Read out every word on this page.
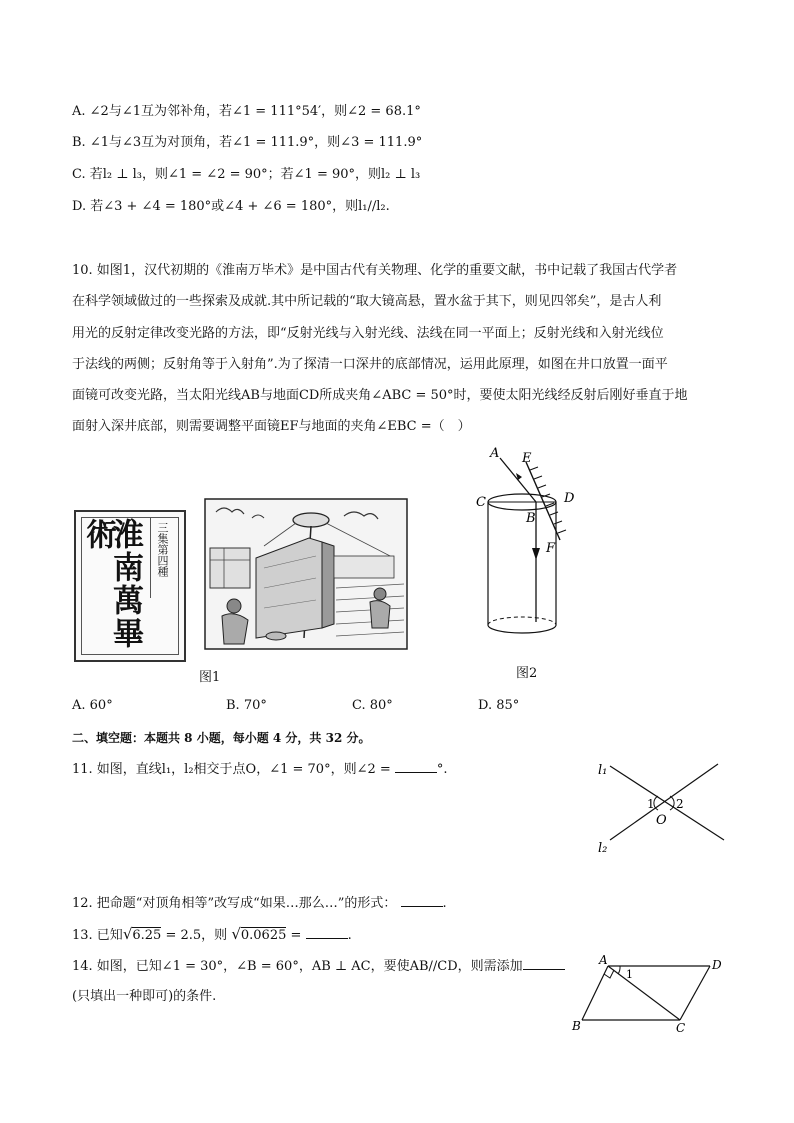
A. ∠2与∠1互为邻补角，若∠1 = 111°54′，则∠2 = 68.1°
B. ∠1与∠3互为对顶角，若∠1 = 111.9°，则∠3 = 111.9°
C. 若l₂ ⊥ l₃，则∠1 = ∠2 = 90°；若∠1 = 90°，则l₂ ⊥ l₃
D. 若∠3 + ∠4 = 180°或∠4 + ∠6 = 180°，则l₁//l₂.
10. 如图1，汉代初期的《淮南万毕术》是中国古代有关物理、化学的重要文献，书中记载了我国古代学者
在科学领域做过的一些探索及成就.其中所记载的“取大镜高悬，置水盆于其下，则见四邻矣”，是古人利
用光的反射定律改变光路的方法，即“反射光线与入射光线、法线在同一平面上；反射光线和入射光线位
于法线的两侧；反射角等于入射角”.为了探清一口深井的底部情况，运用此原理，如图在井口放置一面平
面镜可改变光路，当太阳光线AB与地面CD所成夹角∠ABC = 50°时，要使太阳光线经反射后刚好垂直于地
面射入深井底部，则需要调整平面镜EF与地面的夹角∠EBC =（　）
淮南萬畢術	三集第四種
图1
A E
C	D
B
F
图2
A. 60°	B. 70°	C. 80°	D. 85°
二、填空题：本题共 8 小题，每小题 4 分，共 32 分。
11. 如图，直线l₁，l₂相交于点O，∠1 = 70°，则∠2 =	°.	l₁
l₂
1 2
O
12. 把命题“对顶角相等”改写成“如果…那么…”的形式：	.
13. 已知√6.25 = 2.5，则 √0.0625 =	.
14. 如图，已知∠1 = 30°，∠B = 60°，AB ⊥ AC，要使AB//CD，则需添加
(只填出一种即可)的条件.
A	D
1
B	C
